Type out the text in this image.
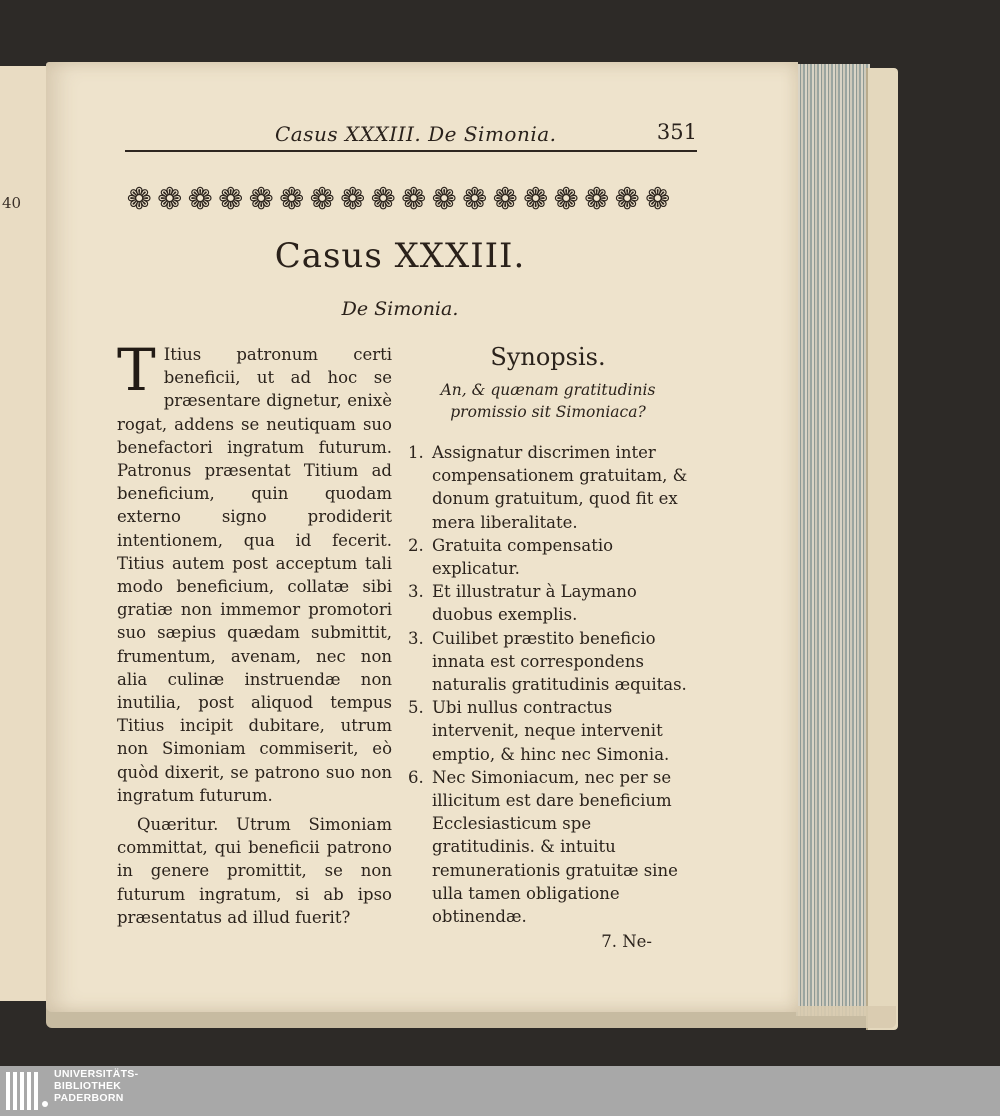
40
Casus XXXIII. De Simonia.	351
❁ ❁ ❁ ❁ ❁ ❁ ❁ ❁ ❁ ❁ ❁ ❁ ❁ ❁ ❁ ❁ ❁ ❁
Casus XXXIII.
De Simonia.

T Itius patronum certi beneficii, ut ad hoc se præsentare dignetur, enixè rogat, addens se neutiquam suo benefactori ingratum futurum. Patronus præsentat Titium ad beneficium, quin quodam externo signo prodiderit intentionem, qua id fecerit. Titius autem post acceptum tali modo beneficium, collatæ sibi gratiæ non immemor promotori suo sæpius quædam submittit, frumentum, avenam, nec non alia culinæ instruendæ non inutilia, post aliquod tempus Titius incipit dubitare, utrum non Simoniam commiserit, eò quòd dixerit, se patrono suo non ingratum futurum.

Quæritur. Utrum Simoniam committat, qui beneficii patrono in genere promittit, se non futurum ingratum, si ab ipso præsentatus ad illud fuerit?

Synopsis.
An, & quænam gratitudinis promissio sit Simoniaca?
1. Assignatur discrimen inter compensationem gratuitam, & donum gratuitum, quod fit ex mera liberalitate.
2. Gratuita compensatio explicatur.
3. Et illustratur à Laymano duobus exemplis.
3. Cuilibet præstito beneficio innata est correspondens naturalis gratitudinis æquitas.
5. Ubi nullus contractus intervenit, neque intervenit emptio, & hinc nec Simonia.
6. Nec Simoniacum, nec per se illicitum est dare beneficium Ecclesiasticum spe gratitudinis. & intuitu remunerationis gratuitæ sine ulla tamen obligatione obtinendæ.
7. Ne-
UNIVERSITÄTS-
BIBLIOTHEK
PADERBORN
